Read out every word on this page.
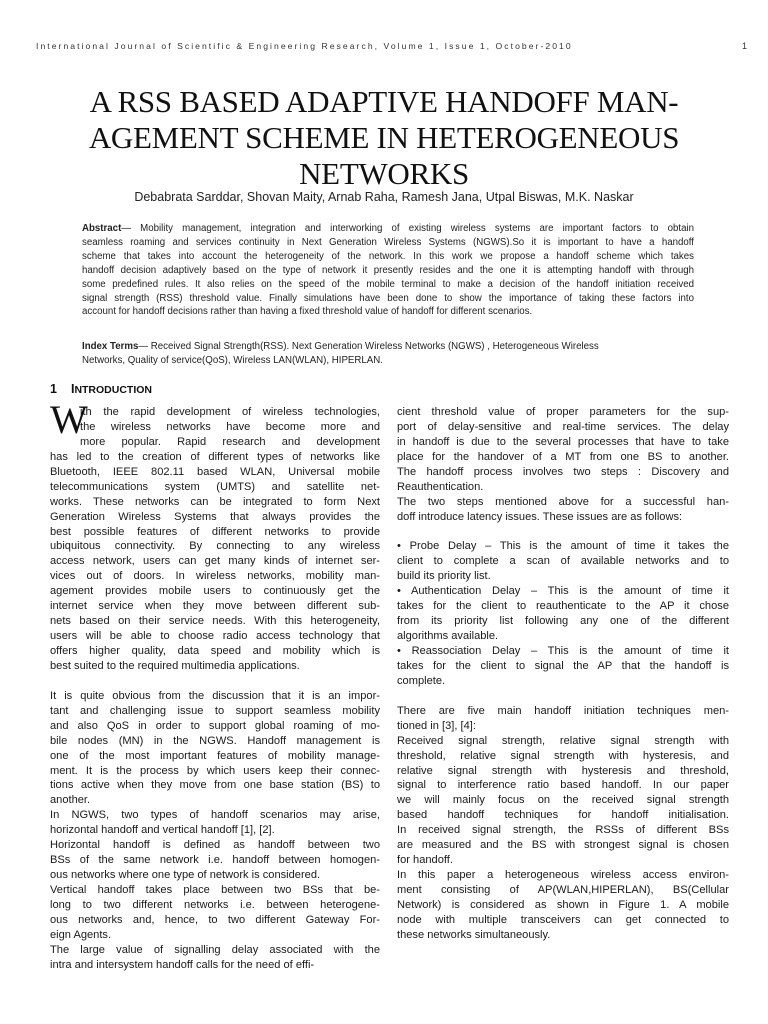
International Journal of Scientific & Engineering Research, Volume 1, Issue 1, October-2010	1
A RSS BASED ADAPTIVE HANDOFF MAN-
AGEMENT SCHEME IN HETEROGENEOUS
NETWORKS
Debabrata Sarddar, Shovan Maity, Arnab Raha, Ramesh Jana, Utpal Biswas, M.K. Naskar
Abstract— Mobility management, integration and interworking of existing wireless systems are important factors to obtain
seamless roaming and services continuity in Next Generation Wireless Systems (NGWS).So it is important to have a handoff
scheme that takes into account the heterogeneity of the network. In this work we propose a handoff scheme which takes
handoff decision adaptively based on the type of network it presently resides and the one it is attempting handoff with through
some predefined rules. It also relies on the speed of the mobile terminal to make a decision of the handoff initiation received
signal strength (RSS) threshold value. Finally simulations have been done to show the importance of taking these factors into
account for handoff decisions rather than having a fixed threshold value of handoff for different scenarios.
Index Terms— Received Signal Strength(RSS). Next Generation Wireless Networks (NGWS) , Heterogeneous Wireless
Networks, Quality of service(QoS), Wireless LAN(WLAN), HIPERLAN.
1 INTRODUCTION
W
ith the rapid development of wireless technologies,
the wireless networks have become more and
more popular. Rapid research and development
has led to the creation of different types of networks like
Bluetooth, IEEE 802.11 based WLAN, Universal mobile
telecommunications system (UMTS) and satellite net-
works. These networks can be integrated to form Next
Generation Wireless Systems that always provides the
best possible features of different networks to provide
ubiquitous connectivity. By connecting to any wireless
access network, users can get many kinds of internet ser-
vices out of doors. In wireless networks, mobility man-
agement provides mobile users to continuously get the
internet service when they move between different sub-
nets based on their service needs. With this heterogeneity,
users will be able to choose radio access technology that
offers higher quality, data speed and mobility which is
best suited to the required multimedia applications.
It is quite obvious from the discussion that it is an impor-
tant and challenging issue to support seamless mobility
and also QoS in order to support global roaming of mo-
bile nodes (MN) in the NGWS. Handoff management is
one of the most important features of mobility manage-
ment. It is the process by which users keep their connec-
tions active when they move from one base station (BS) to
another.
In NGWS, two types of handoff scenarios may arise,
horizontal handoff and vertical handoff [1], [2].
Horizontal handoff is defined as handoff between two
BSs of the same network i.e. handoff between homogen-
ous networks where one type of network is considered.
Vertical handoff takes place between two BSs that be-
long to two different networks i.e. between heterogene-
ous networks and, hence, to two different Gateway For-
eign Agents.
The large value of signalling delay associated with the
intra and intersystem handoff calls for the need of effi-
cient threshold value of proper parameters for the sup-
port of delay-sensitive and real-time services. The delay
in handoff is due to the several processes that have to take
place for the handover of a MT from one BS to another.
The handoff process involves two steps : Discovery and
Reauthentication.
The two steps mentioned above for a successful han-
doff introduce latency issues. These issues are as follows:
• Probe Delay – This is the amount of time it takes the
client to complete a scan of available networks and to
build its priority list.
• Authentication Delay – This is the amount of time it
takes for the client to reauthenticate to the AP it chose
from its priority list following any one of the different
algorithms available.
• Reassociation Delay – This is the amount of time it
takes for the client to signal the AP that the handoff is
complete.
There are five main handoff initiation techniques men-
tioned in [3], [4]:
Received signal strength, relative signal strength with
threshold, relative signal strength with hysteresis, and
relative signal strength with hysteresis and threshold,
signal to interference ratio based handoff. In our paper
we will mainly focus on the received signal strength
based handoff techniques for handoff initialisation.
In received signal strength, the RSSs of different BSs
are measured and the BS with strongest signal is chosen
for handoff.
In this paper a heterogeneous wireless access environ-
ment consisting of AP(WLAN,HIPERLAN), BS(Cellular
Network) is considered as shown in Figure 1. A mobile
node with multiple transceivers can get connected to
these networks simultaneously.
